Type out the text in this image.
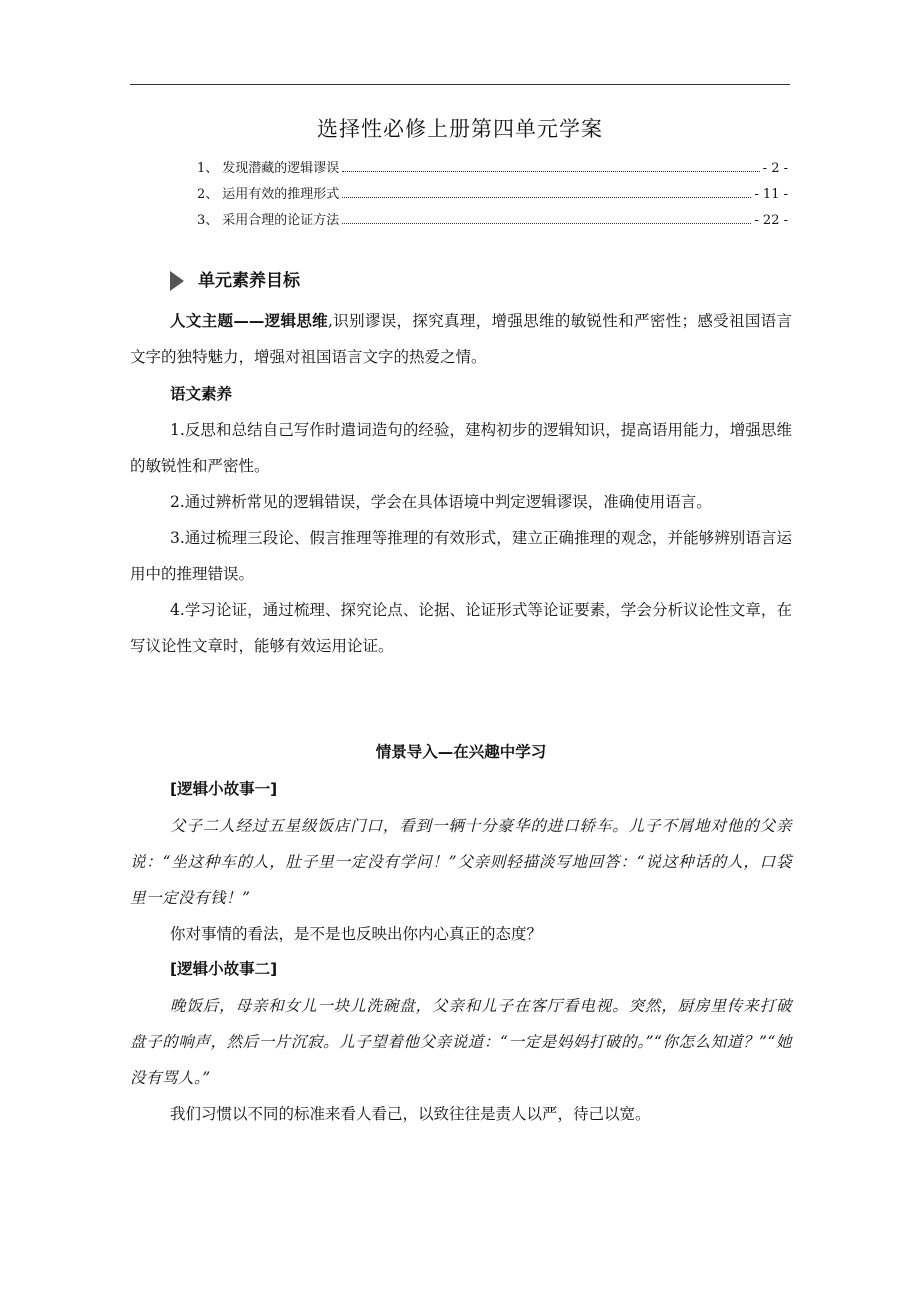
选择性必修上册第四单元学案
1、 发现潜藏的逻辑谬误	- 2 -
2、 运用有效的推理形式	- 11 -
3、 采用合理的论证方法	- 22 -
单元素养目标

人文主题——逻辑思维,识别谬误，探究真理，增强思维的敏锐性和严密性；感受祖国语言文字的独特魅力，增强对祖国语言文字的热爱之情。

语文素养

1.反思和总结自己写作时遣词造句的经验，建构初步的逻辑知识，提高语用能力，增强思维的敏锐性和严密性。

2.通过辨析常见的逻辑错误，学会在具体语境中判定逻辑谬误，准确使用语言。

3.通过梳理三段论、假言推理等推理的有效形式，建立正确推理的观念，并能够辨别语言运用中的推理错误。

4.学习论证，通过梳理、探究论点、论据、论证形式等论证要素，学会分析议论性文章，在写议论性文章时，能够有效运用论证。

情景导入—在兴趣中学习

[逻辑小故事一]

父子二人经过五星级饭店门口，看到一辆十分豪华的进口轿车。儿子不屑地对他的父亲说：“坐这种车的人，肚子里一定没有学问！”父亲则轻描淡写地回答：“说这种话的人，口袋里一定没有钱！”

你对事情的看法，是不是也反映出你内心真正的态度？

[逻辑小故事二]

晚饭后，母亲和女儿一块儿洗碗盘，父亲和儿子在客厅看电视。突然，厨房里传来打破盘子的响声，然后一片沉寂。儿子望着他父亲说道：“一定是妈妈打破的。”“你怎么知道？”“她没有骂人。”

我们习惯以不同的标准来看人看己，以致往往是责人以严，待己以宽。
